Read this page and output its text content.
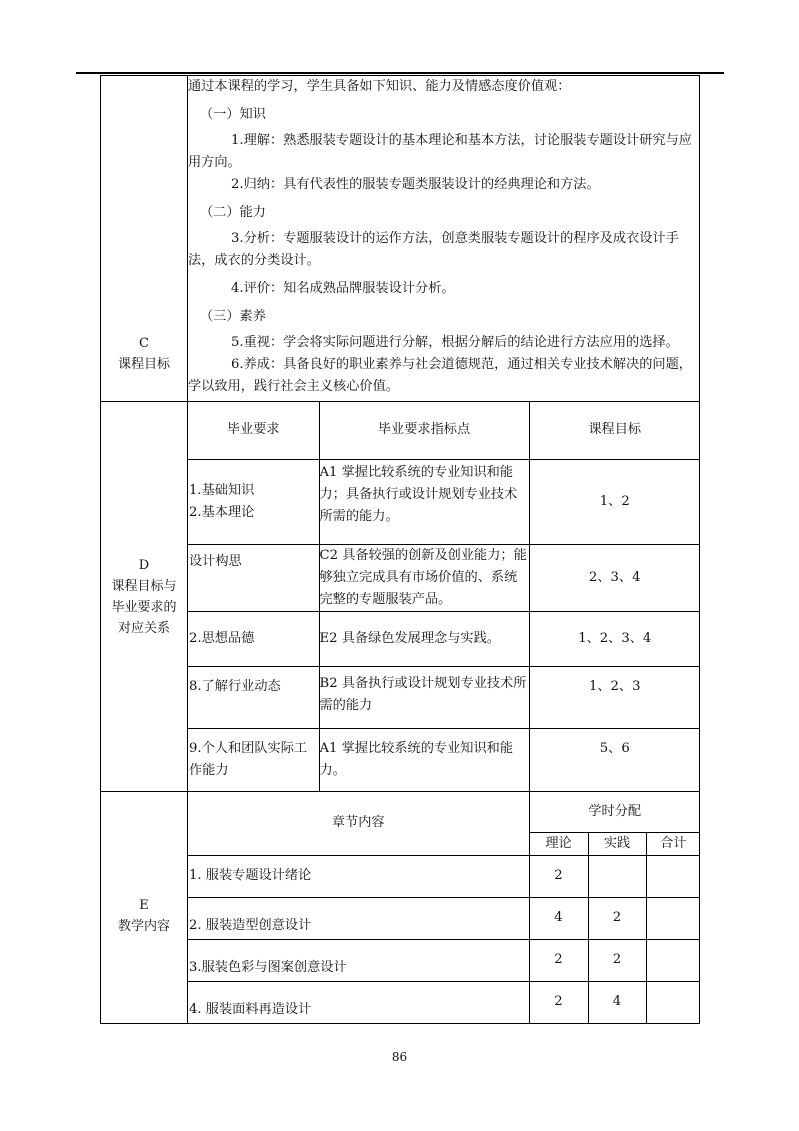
C
课程目标

通过本课程的学习，学生具备如下知识、能力及情感态度价值观：

（一）知识

1.理解：熟悉服装专题设计的基本理论和基本方法，讨论服装专题设计研究与应用方向。

2.归纳：具有代表性的服装专题类服装设计的经典理论和方法。

（二）能力

3.分析：专题服装设计的运作方法，创意类服装专题设计的程序及成衣设计手法，成衣的分类设计。

4.评价：知名成熟品牌服装设计分析。

（三）素养

5.重视：学会将实际问题进行分解，根据分解后的结论进行方法应用的选择。

6.养成：具备良好的职业素养与社会道德规范，通过相关专业技术解决的问题，学以致用，践行社会主义核心价值。

D
课程目标与
毕业要求的
对应关系

毕业要求	毕业要求指标点	课程目标
1.基础知识
2.基本理论	A1 掌握比较系统的专业知识和能力；具备执行或设计规划专业技术所需的能力。	1、2
设计构思	C2 具备较强的创新及创业能力；能够独立完成具有市场价值的、系统完整的专题服装产品。	2、3、4
2.思想品德	E2 具备绿色发展理念与实践。	1、2、3、4
8.了解行业动态	B2 具备执行或设计规划专业技术所需的能力	1、2、3
9.个人和团队实际工作能力	A1 掌握比较系统的专业知识和能力。	5、6

E
教学内容

章节内容	学时分配
理论	实践	合计
1. 服装专题设计绪论	2		
2. 服装造型创意设计	4	2	
3.服装色彩与图案创意设计	2	2	
4. 服装面料再造设计	2	4	
86
